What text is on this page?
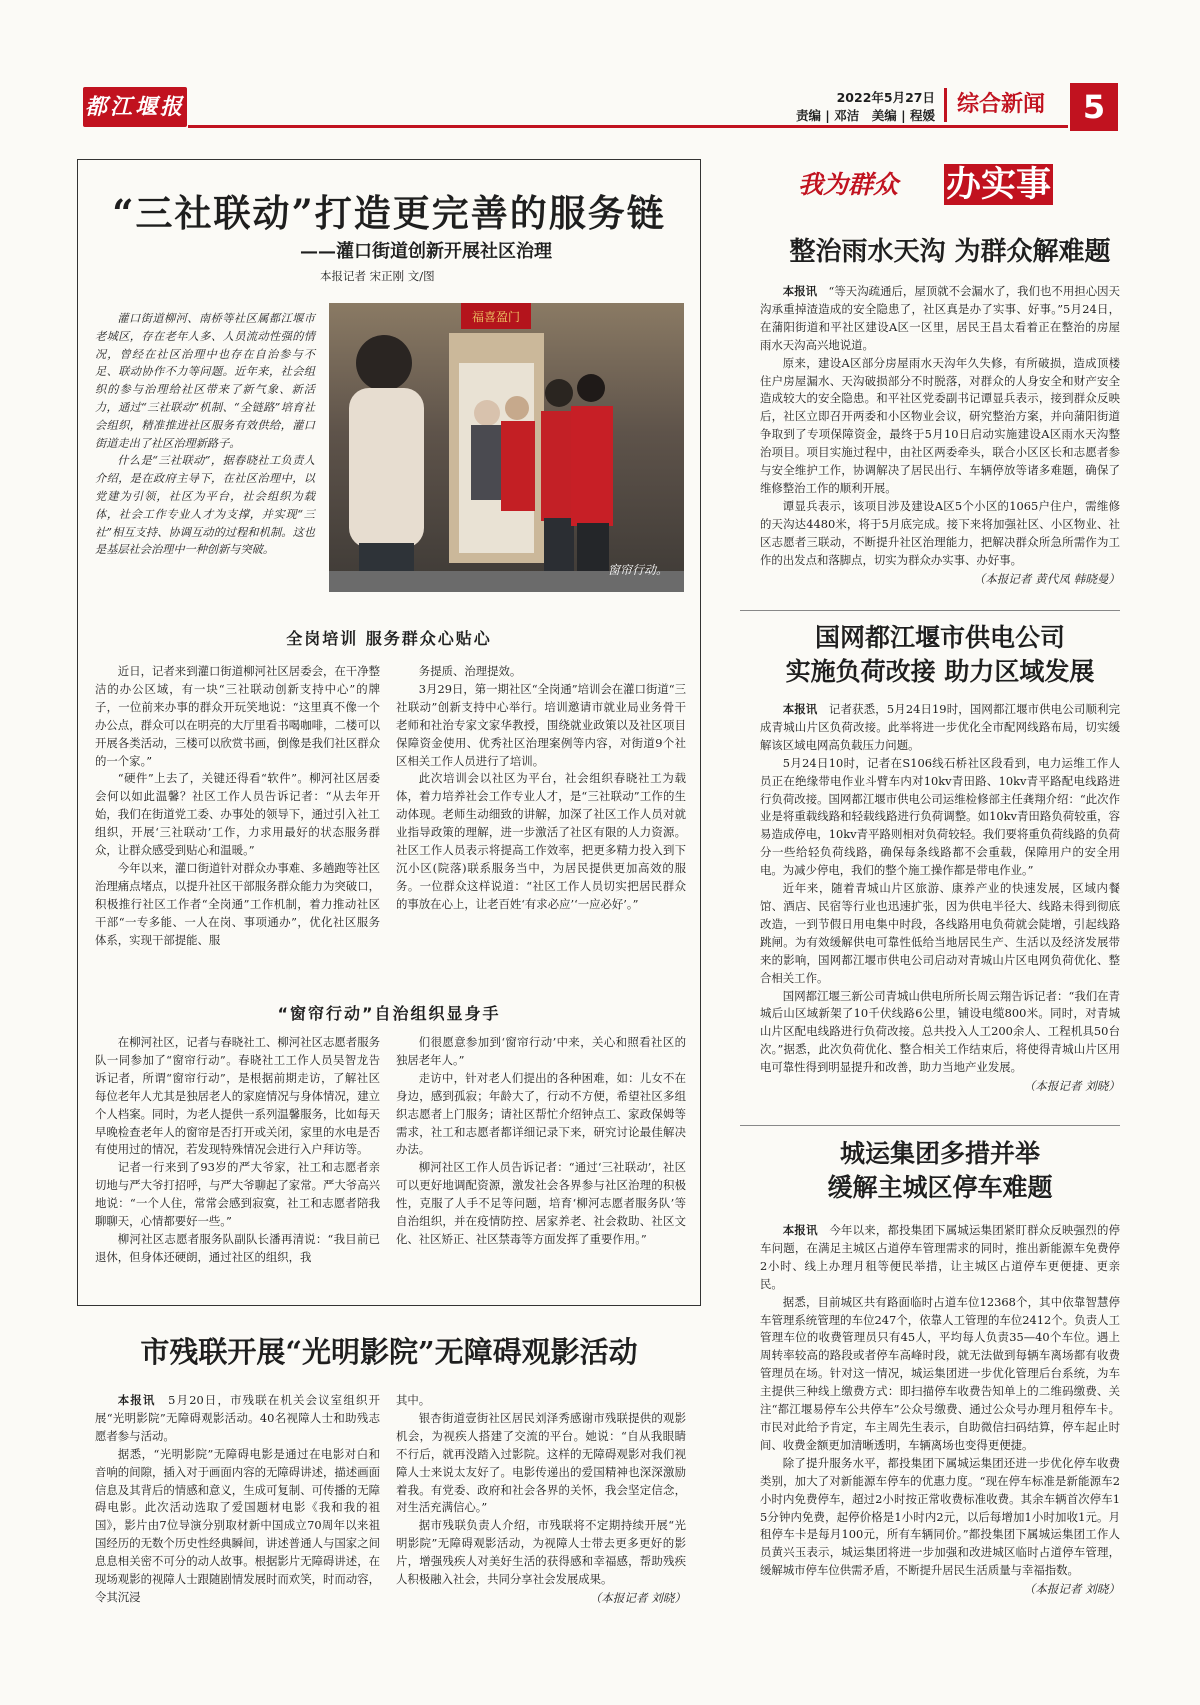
都江堰报	2022年5月27日
责编 | 邓洁　美编 | 程媛	综合新闻	5
“三社联动”打造更完善的服务链
——灌口街道创新开展社区治理
本报记者 宋正刚 文/图

灌口街道柳河、南桥等社区属都江堰市老城区，存在老年人多、人员流动性强的情况，曾经在社区治理中也存在自治参与不足、联动协作不力等问题。近年来，社会组织的参与治理给社区带来了新气象、新活力，通过“三社联动”机制、“全链路”培育社会组织，精准推进社区服务有效供给，灌口街道走出了社区治理新路子。

什么是“三社联动”，据春晓社工负责人介绍，是在政府主导下，在社区治理中，以党建为引领，社区为平台，社会组织为载体，社会工作专业人才为支撑，并实现“三社”相互支持、协调互动的过程和机制。这也是基层社会治理中一种创新与突破。

福喜盈门
窗帘行动。
全岗培训 服务群众心贴心

近日，记者来到灌口街道柳河社区居委会，在干净整洁的办公区域，有一块“三社联动创新支持中心”的牌子，一位前来办事的群众开玩笑地说：“这里真不像一个办公点，群众可以在明亮的大厅里看书喝咖啡，二楼可以开展各类活动，三楼可以欣赏书画，倒像是我们社区群众的一个家。”

“硬件”上去了，关键还得看“软件”。柳河社区居委会何以如此温馨？社区工作人员告诉记者：“从去年开始，我们在街道党工委、办事处的领导下，通过引入社工组织，开展‘三社联动’工作，力求用最好的状态服务群众，让群众感受到贴心和温暖。”

今年以来，灌口街道针对群众办事难、多趟跑等社区治理痛点堵点，以提升社区干部服务群众能力为突破口，积极推行社区工作者“全岗通”工作机制，着力推动社区干部“一专多能、一人在岗、事项通办”，优化社区服务体系，实现干部提能、服

务提质、治理提效。

3月29日，第一期社区“全岗通”培训会在灌口街道“三社联动”创新支持中心举行。培训邀请市就业局业务骨干老师和社治专家文家华教授，围绕就业政策以及社区项目保障资金使用、优秀社区治理案例等内容，对街道9个社区相关工作人员进行了培训。

此次培训会以社区为平台，社会组织春晓社工为载体，着力培养社会工作专业人才，是“三社联动”工作的生动体现。老师生动细致的讲解，加深了社区工作人员对就业指导政策的理解，进一步激活了社区有限的人力资源。社区工作人员表示将提高工作效率，把更多精力投入到下沉小区(院落)联系服务当中，为居民提供更加高效的服务。一位群众这样说道：“社区工作人员切实把居民群众的事放在心上，让老百姓‘有求必应’‘一应必好’。”

“窗帘行动”自治组织显身手

在柳河社区，记者与春晓社工、柳河社区志愿者服务队一同参加了“窗帘行动”。春晓社工工作人员吴智龙告诉记者，所谓“窗帘行动”，是根据前期走访，了解社区每位老年人尤其是独居老人的家庭情况与身体情况，建立个人档案。同时，为老人提供一系列温馨服务，比如每天早晚检查老年人的窗帘是否打开或关闭，家里的水电是否有使用过的情况，若发现特殊情况会进行入户拜访等。

记者一行来到了93岁的严大爷家，社工和志愿者亲切地与严大爷打招呼，与严大爷聊起了家常。严大爷高兴地说：“一个人住，常常会感到寂寞，社工和志愿者陪我聊聊天，心情都要好一些。”

柳河社区志愿者服务队副队长潘再清说：“我目前已退休，但身体还硬朗，通过社区的组织，我

们很愿意参加到‘窗帘行动’中来，关心和照看社区的独居老年人。”

走访中，针对老人们提出的各种困难，如：儿女不在身边，感到孤寂；年龄大了，行动不方便，希望社区多组织志愿者上门服务；请社区帮忙介绍钟点工、家政保姆等需求，社工和志愿者都详细记录下来，研究讨论最佳解决办法。

柳河社区工作人员告诉记者：“通过‘三社联动’，社区可以更好地调配资源，激发社会各界参与社区治理的积极性，克服了人手不足等问题，培育‘柳河志愿者服务队’等自治组织，并在疫情防控、居家养老、社会救助、社区文化、社区矫正、社区禁毒等方面发挥了重要作用。”

市残联开展“光明影院”无障碍观影活动

本报讯　 5月20日，市残联在机关会议室组织开展“光明影院”无障碍观影活动。40名视障人士和助残志愿者参与活动。

据悉，“光明影院”无障碍电影是通过在电影对白和音响的间隙，插入对于画面内容的无障碍讲述，描述画面信息及其背后的情感和意义，生成可复制、可传播的无障碍电影。此次活动选取了爱国题材电影《我和我的祖国》，影片由7位导演分别取材新中国成立70周年以来祖国经历的无数个历史性经典瞬间，讲述普通人与国家之间息息相关密不可分的动人故事。根据影片无障碍讲述，在现场观影的视障人士跟随剧情发展时而欢笑，时而动容，令其沉浸

其中。

银杏街道壹街社区居民刘泽秀感谢市残联提供的观影机会，为视疾人搭建了交流的平台。她说：“自从我眼睛不行后，就再没踏入过影院。这样的无障碍观影对我们视障人士来说太友好了。电影传递出的爱国精神也深深激励着我。有党委、政府和社会各界的关怀，我会坚定信念，对生活充满信心。”

据市残联负责人介绍，市残联将不定期持续开展“光明影院”无障碍观影活动，为视障人士带去更多更好的影片，增强残疾人对美好生活的获得感和幸福感，帮助残疾人积极融入社会，共同分享社会发展成果。

（本报记者 刘晓）

我为群众 办实事
整治雨水天沟 为群众解难题

本报讯　 “等天沟疏通后，屋顶就不会漏水了，我们也不用担心因天沟承重掉渣造成的安全隐患了，社区真是办了实事、好事。”5月24日，在蒲阳街道和平社区建设A区一区里，居民王昌太看着正在整治的房屋雨水天沟高兴地说道。

原来，建设A区部分房屋雨水天沟年久失修，有所破损，造成顶楼住户房屋漏水、天沟破损部分不时脱落，对群众的人身安全和财产安全造成较大的安全隐患。和平社区党委副书记谭显兵表示，接到群众反映后，社区立即召开两委和小区物业会议，研究整治方案，并向蒲阳街道争取到了专项保障资金，最终于5月10日启动实施建设A区雨水天沟整治项目。项目实施过程中，由社区两委牵头，联合小区区长和志愿者参与安全维护工作，协调解决了居民出行、车辆停放等诸多难题，确保了维修整治工作的顺利开展。

谭显兵表示，该项目涉及建设A区5个小区的1065户住户，需维修的天沟达4480米，将于5月底完成。接下来将加强社区、小区物业、社区志愿者三联动，不断提升社区治理能力，把解决群众所急所需作为工作的出发点和落脚点，切实为群众办实事、办好事。

（本报记者 黄代凤 韩晓曼）

国网都江堰市供电公司
实施负荷改接 助力区域发展

本报讯　 记者获悉，5月24日19时，国网都江堰市供电公司顺利完成青城山片区负荷改接。此举将进一步优化全市配网线路布局，切实缓解该区域电网高负载压力问题。

5月24日10时，记者在S106线石桥社区段看到，电力运维工作人员正在绝缘带电作业斗臂车内对10kv青田路、10kv青平路配电线路进行负荷改接。国网都江堰市供电公司运维检修部主任龚翔介绍：“此次作业是将重载线路和轻载线路进行负荷调整。如10kv青田路负荷较重，容易造成停电，10kv青平路则相对负荷较轻。我们要将重负荷线路的负荷分一些给轻负荷线路，确保每条线路都不会重载，保障用户的安全用电。为减少停电，我们的整个施工操作都是带电作业。”

近年来，随着青城山片区旅游、康养产业的快速发展，区域内餐馆、酒店、民宿等行业也迅速扩张，因为供电半径大、线路未得到彻底改造，一到节假日用电集中时段，各线路用电负荷就会陡增，引起线路跳闸。为有效缓解供电可靠性低给当地居民生产、生活以及经济发展带来的影响，国网都江堰市供电公司启动对青城山片区电网负荷优化、整合相关工作。

国网都江堰三新公司青城山供电所所长周云翔告诉记者：“我们在青城后山区域新架了10千伏线路6公里，铺设电缆800米。同时，对青城山片区配电线路进行负荷改接。总共投入人工200余人、工程机具50台次。”据悉，此次负荷优化、整合相关工作结束后，将使得青城山片区用电可靠性得到明显提升和改善，助力当地产业发展。

（本报记者 刘晓）

城运集团多措并举
缓解主城区停车难题

本报讯　 今年以来，都投集团下属城运集团紧盯群众反映强烈的停车问题，在满足主城区占道停车管理需求的同时，推出新能源车免费停2小时、线上办理月租等便民举措，让主城区占道停车更便捷、更亲民。

据悉，目前城区共有路面临时占道车位12368个，其中依靠智慧停车管理系统管理的车位247个，依靠人工管理的车位2412个。负责人工管理车位的收费管理员只有45人，平均每人负责35—40个车位。遇上周转率较高的路段或者停车高峰时段，就无法做到每辆车离场都有收费管理员在场。针对这一情况，城运集团进一步优化管理后台系统，为车主提供三种线上缴费方式：即扫描停车收费告知单上的二维码缴费、关注“都江堰易停车公共停车”公众号缴费、通过公众号办理月租停车卡。市民对此给予肯定，车主周先生表示，自助微信扫码结算，停车起止时间、收费金额更加清晰透明，车辆离场也变得更便捷。

除了提升服务水平，都投集团下属城运集团还进一步优化停车收费类别，加大了对新能源车停车的优惠力度。“现在停车标准是新能源车2小时内免费停车，超过2小时按正常收费标准收费。其余车辆首次停车15分钟内免费，起停价格是1小时内2元，以后每增加1小时加收1元。月租停车卡是每月100元，所有车辆同价。”都投集团下属城运集团工作人员黄兴玉表示，城运集团将进一步加强和改进城区临时占道停车管理，缓解城市停车位供需矛盾，不断提升居民生活质量与幸福指数。

（本报记者 刘晓）
